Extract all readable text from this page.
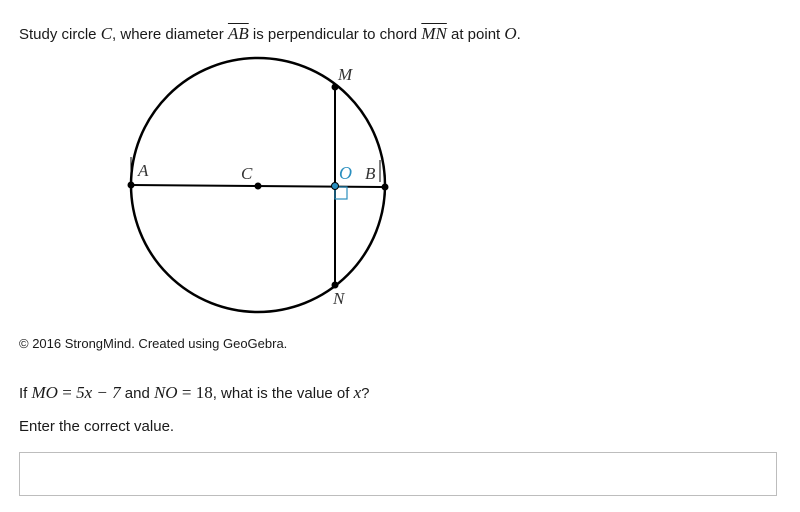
Study circle C, where diameter $\overline{AB}$ is perpendicular to chord $\overline{MN}$ at point O.
A	C
M
N
O B
© 2016 StrongMind. Created using GeoGebra.
If MO = 5x − 7 and NO = 18, what is the value of x?
Enter the correct value.
